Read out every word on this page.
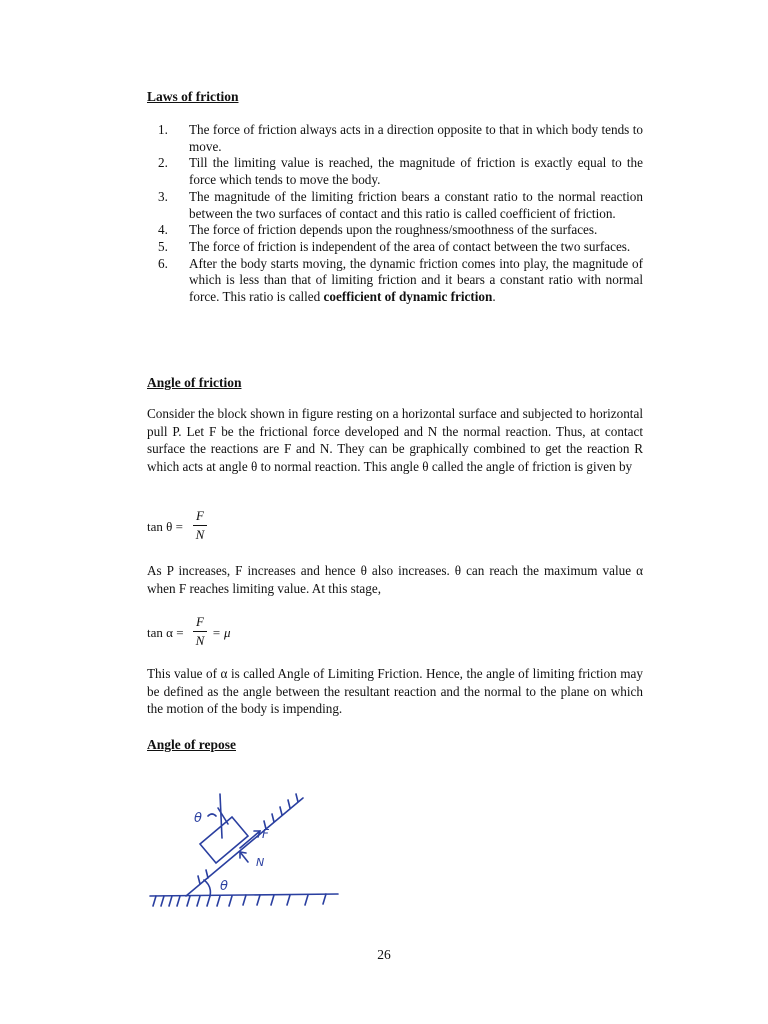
Laws of friction
1. The force of friction always acts in a direction opposite to that in which body tends to move.
2. Till the limiting value is reached, the magnitude of friction is exactly equal to the force which tends to move the body.
3. The magnitude of the limiting friction bears a constant ratio to the normal reaction between the two surfaces of contact and this ratio is called coefficient of friction.
4. The force of friction depends upon the roughness/smoothness of the surfaces.
5. The force of friction is independent of the area of contact between the two surfaces.
6. After the body starts moving, the dynamic friction comes into play, the magnitude of which is less than that of limiting friction and it bears a constant ratio with normal force. This ratio is called coefficient of dynamic friction.
Angle of friction

Consider the block shown in figure resting on a horizontal surface and subjected to horizontal pull P. Let F be the frictional force developed and N the normal reaction. Thus, at contact surface the reactions are F and N. They can be graphically combined to get the reaction R which acts at angle θ to normal reaction. This angle θ called the angle of friction is given by

tan θ =
F
N

As P increases, F increases and hence θ also increases. θ can reach the maximum value α when F reaches limiting value. At this stage,

tan α =
F
N
= μ

This value of α is called Angle of Limiting Friction. Hence, the angle of limiting friction may be defined as the angle between the resultant reaction and the normal to the plane on which the motion of the body is impending.

Angle of repose
θ
θ
F
N
26
